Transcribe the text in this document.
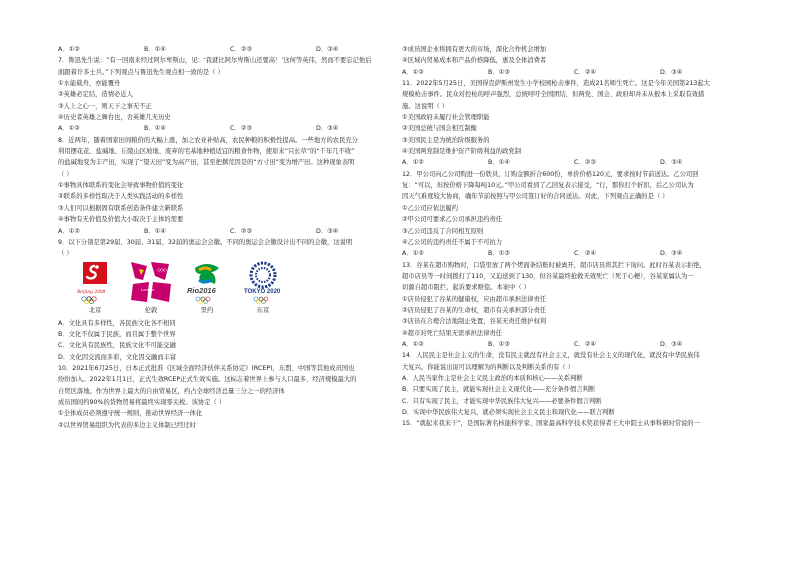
A．①②	B．①④	C．②③	D．③④
7．鲁迅先生说：“有一回南来经过阿尔卑斯山，见：‘我就比阿尔卑斯山还要高！’这何等英伟，然而不要忘记他后
面跟着许多士兵。”下列观点与鲁迅先生观点相一致的是（ ）
①水能载舟，亦能覆舟
②英雄必定结，造情必近人
③人上之心一，则天下之事无不正
④历史者英雄之舞台也，舍英雄几无历史
A．①②	B．①④	C．②③	D．③④
8．近两年，随着国家田间粮价的大幅上涨，加之农业补贴高，农民种粮的积极性提高。一些地方的农民充分
利用摆花花、盐碱地、丘陵山区坡地、废弃的宅基地种植适宜的粮食作物，使原来“只长草”的“千年几不收”
的盐碱地变为丰产田，实现了“望天田”变为高产田，甚至把撂荒因是的“方寸田”变为增产田。这种现象表明
（ ）
①事物具体联系的变化会导致事物价值的变化
②联系的多样性取决于人类实践活动的多样性
③人们可以根据固有联系创造条件建立新联系
④事物有无价值及价值大小取决于主体的需要
A．①②	B．①④	C．②③	D．③④
9．以下分别是第29届、30届、31届、32届的奥运会会徽。不同的奥运会会徽设计出不同的会徽，这说明
（ ）
Beijing 2008
北京
London
伦敦
Rio2016
里约
TOKYO 2020
东京
A．文化具有多样性，各民族文化各不相同
B．文化不仅属于民族，而且属于整个世界
C．文化具有民族性，民族文化不可能交融
D．文化因交流而多彩，文化因交融而丰富
10．2021年6月25日，日本正式批准《区域全面经济伙伴关系协定》(RCEP)，东盟、中国等其他成员国也
纷纷加入。2022年1月1日，正式生效RCEP正式生效实施。这标志着世界上参与人口最多、经济规模最大的
自贸区落地。作为世界上最大的自由贸易区，约占全球经济总量三分之一的经济体
成员国间约90%的货物贸易将最终实现零关税。该协定（ ）
①全体成员必须遵守统一规则，推动世界经济一体化
②以世界贸易组织为代表的多边主义体制已经过时
③成员国企业将拥有更大的市场，深化合作机会增加
④区域内贸易成本和产品价格降低，惠及全体消费者
A．①②	B．①③	C．②④	D．③④
11．2022年5月25日，美国得克萨斯州发生小学校园枪击事件，造成21名师生死亡。这是今年美国第213起大
规模枪击事件。民众对控枪的呼声强烈，总统呼吁全国团结，但两党、国会、政府却并未从根本上采取有效措
施。这说明（ ）
①美国政府未履行社会管理职能
②美国总统与国会相互制衡
③美国民主是为统治阶级服务的
④美国两党制是维护资产阶级利益的政党制
A．①②	B．①④	C．②③	D．③④
12．甲公司向乙公司购进一份铁具，订购金额折合600份，单价价格120元，要求按时节前送达。乙公司回
复：“可以，但按价格下降每吨10元。”甲公司看到了乙回复表示接受，“行，那你打个折扣，后乙公司认为
因天气难度较大协商，确年节前按照与甲公司签订好的合同送达。对此，下列观点正确的是（ ）
①乙公司应依法履约
②甲公司可要求乙公司承担违约责任
③乙公司违反了合同相互原则
④乙公司的违约责任不属于不可抗力
A．①②	B．①③	C．②④	D．③④
13．谷某在超市购物时，口袋里放了两个烤面条结账时被离开，超市店员将其拦下询问。此时谷某表示拒绝，
超市店员等一时间拨打了110，又迫送到了130，但谷某最终抢救无效死亡（死于心梗），谷某家属认为一
切源自超市阻拦，起诉要求赔偿。本案中（ ）
①店员侵犯了谷某的健康权，应由超市承担法律责任
②店员侵犯了谷某的生命权，超市有关承担部分责任
③店员在合理合法地制止处置，谷某无责任维护权利
④超市对死亡结果无需承担法律责任
A．①②	B．①③	C．②④	D．③④
14．人民民主是社会主义的生命，没有民主就没有社会主义，就没有社会主义的现代化，就没有中华民族伟
大复兴。你能说出说可以理解为的判断以及判断关系的有（ ）
A．人民当家作主是社会主义民主政治的本质和核心——关系判断
B．只要实现了民主，就能实现社会主义现代化——充分条件假言判断
C．只有实现了民主，才能实现中华民族伟大复兴——必要条件假言判断
D．实现中华民族伟大复兴，就必须实现社会主义民主和现代化——联言判断
15．“就起来我来干”，是国际著名核能科学家、国家最高科学技术奖获得者王大中院士从事科研时常说的一
